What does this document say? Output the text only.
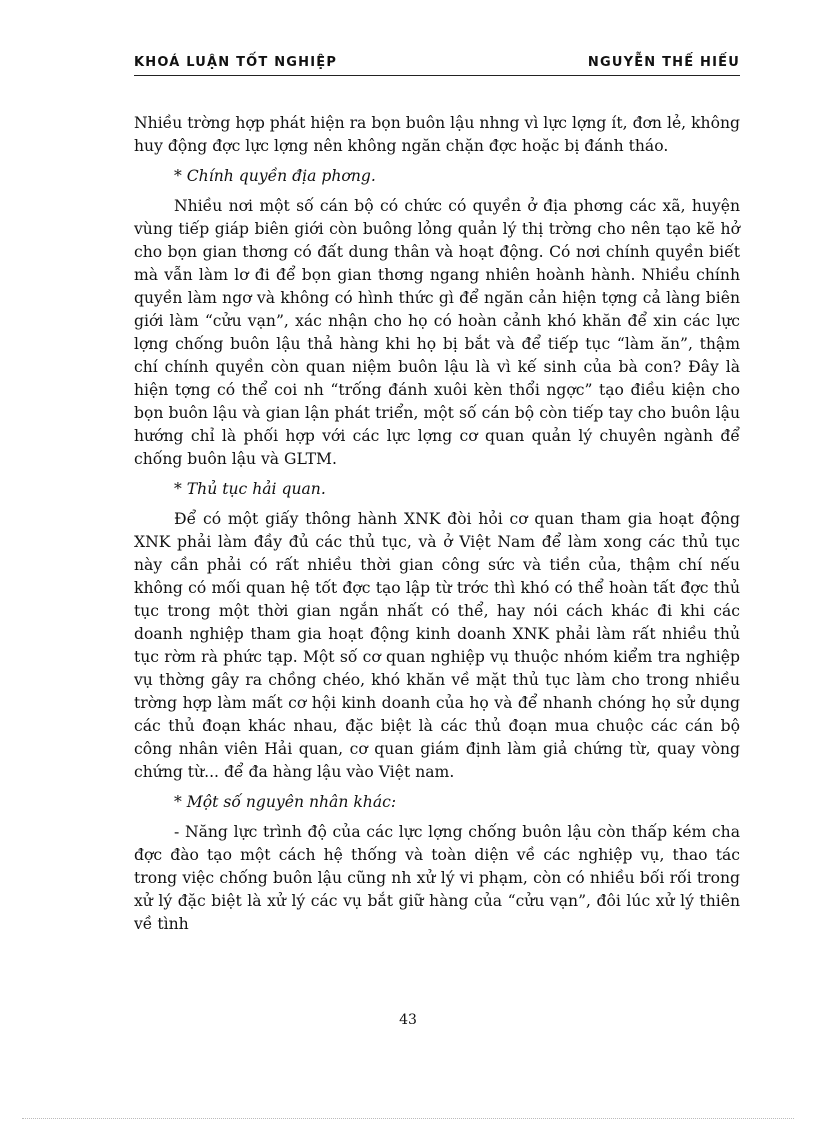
KHOÁ LUẬN TỐT NGHIỆP	NGUYỄN THẾ HIẾU

Nhiều trờng hợp phát hiện ra bọn buôn lậu nhng vì lực lợng ít, đơn lẻ, không huy động đợc lực lợng nên không ngăn chặn đợc hoặc bị đánh tháo.

* Chính quyền địa phơng.

Nhiều nơi một số cán bộ có chức có quyền ở địa phơng các xã, huyện vùng tiếp giáp biên giới còn buông lỏng quản lý thị trờng cho nên tạo kẽ hở cho bọn gian thơng có đất dung thân và hoạt động. Có nơi chính quyền biết mà vẫn làm lơ đi để bọn gian thơng ngang nhiên hoành hành. Nhiều chính quyền làm ngơ và không có hình thức gì để ngăn cản hiện tợng cả làng biên giới làm “cửu vạn”, xác nhận cho họ có hoàn cảnh khó khăn để xin các lực lợng chống buôn lậu thả hàng khi họ bị bắt và để tiếp tục “làm ăn”, thậm chí chính quyền còn quan niệm buôn lậu là vì kế sinh của bà con? Đây là hiện tợng có thể coi nh “trống đánh xuôi kèn thổi ngợc” tạo điều kiện cho bọn buôn lậu và gian lận phát triển, một số cán bộ còn tiếp tay cho buôn lậu hướng chỉ là phối hợp với các lực lợng cơ quan quản lý chuyên ngành để chống buôn lậu và GLTM.

* Thủ tục hải quan.

Để có một giấy thông hành XNK đòi hỏi cơ quan tham gia hoạt động XNK phải làm đầy đủ các thủ tục, và ở Việt Nam để làm xong các thủ tục này cần phải có rất nhiều thời gian công sức và tiền của, thậm chí nếu không có mối quan hệ tốt đợc tạo lập từ trớc thì khó có thể hoàn tất đợc thủ tục trong một thời gian ngắn nhất có thể, hay nói cách khác đi khi các doanh nghiệp tham gia hoạt động kinh doanh XNK phải làm rất nhiều thủ tục rờm rà phức tạp. Một số cơ quan nghiệp vụ thuộc nhóm kiểm tra nghiệp vụ thờng gây ra chồng chéo, khó khăn về mặt thủ tục làm cho trong nhiều trờng hợp làm mất cơ hội kinh doanh của họ và để nhanh chóng họ sử dụng các thủ đoạn khác nhau, đặc biệt là các thủ đoạn mua chuộc các cán bộ công nhân viên Hải quan, cơ quan giám định làm giả chứng từ, quay vòng chứng từ... để đa hàng lậu vào Việt nam.

* Một số nguyên nhân khác:

- Năng lực trình độ của các lực lợng chống buôn lậu còn thấp kém cha đợc đào tạo một cách hệ thống và toàn diện về các nghiệp vụ, thao tác trong việc chống buôn lậu cũng nh xử lý vi phạm, còn có nhiều bối rối trong xử lý đặc biệt là xử lý các vụ bắt giữ hàng của “cửu vạn”, đôi lúc xử lý thiên về tình

43
